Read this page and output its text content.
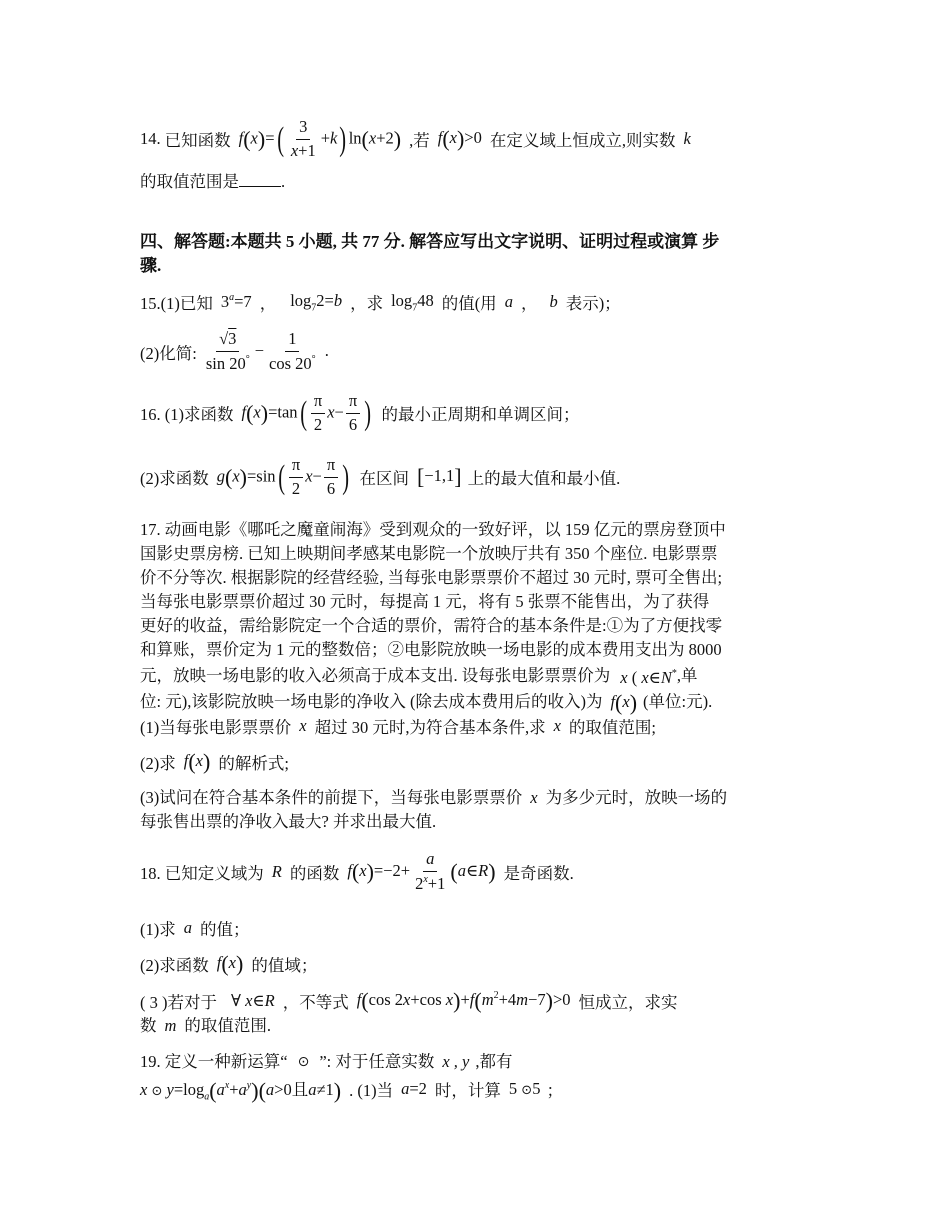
14. 已知函数 $f(x)=( \frac{3}{x+1} +k)$ ln(x+2) ,若 f(x)>0 在定义域上恒成立,则实数 k
的取值范围是	.

四、解答题:本题共 5 小题, 共 77 分. 解答应写出文字说明、证明过程或演算 步

骤.

15.(1)已知 $3^a=7$ ， $\log_72=b$ ，求 $\log_748$ 的值(用 a ， b 表示)；
(2)化简: $\frac{√3}{\sin 20^\circ} - \frac{1}{\cos 20^\circ}$ .
16. (1)求函数 $f(x)=\tan( \frac{\pi}{2} x- \frac{\pi}{6}$ ) 的最小正周期和单调区间；
(2)求函数 $g(x)=\sin( \frac{\pi}{2} x- \frac{\pi}{6}$ ) 在区间 [−1,1] 上的最大值和最小值.

17. 动画电影《哪吒之魔童闹海》受到观众的一致好评，以 159 亿元的票房登顶中

国影史票房榜. 已知上映期间孝感某电影院一个放映厅共有 350 个座位. 电影票票

价不分等次. 根据影院的经营经验, 当每张电影票票价不超过 30 元时, 票可全售出;

当每张电影票票价超过 30 元时，每提高 1 元，将有 5 张票不能售出，为了获得

更好的收益，需给影院定一个合适的票价，需符合的基本条件是:①为了方便找零

和算账，票价定为 1 元的整数倍；②电影院放映一场电影的成本费用支出为 8000

元，放映一场电影的收入必须高于成本支出. 设每张电影票票价为 x ( x∈N* ,单
位: 元),该影院放映一场电影的净收入 (除去成本费用后的收入)为 f(x) (单位:元).
(1)当每张电影票票价 x 超过 30 元时,为符合基本条件,求 x 的取值范围;
(2)求 f(x) 的解析式;
(3)试问在符合基本条件的前提下，当每张电影票票价 x 为多少元时，放映一场的

每张售出票的净收入最大? 并求出最大值.

18. 已知定义域为 R 的函数 $f(x)=-2+ \frac{a}{2^x+1}$ (a∈R) 是奇函数.
(1)求 a 的值；
(2)求函数 f(x) 的值域；
( 3 )若对于 ∀ x∈R ，不等式 f(cos 2x+cos $x)+f(m^2+4m-7)>0$ 恒成立，求实
数 m 的取值范围.
19. 定义一种新运算“ ⊙ ”: 对于任意实数 x , y ,都有
x ⊙ $y=\log_a(a^x+a^y)(a>0$且a≠1) . (1)当 a=2 时，计算 5 ⊙5 ；
